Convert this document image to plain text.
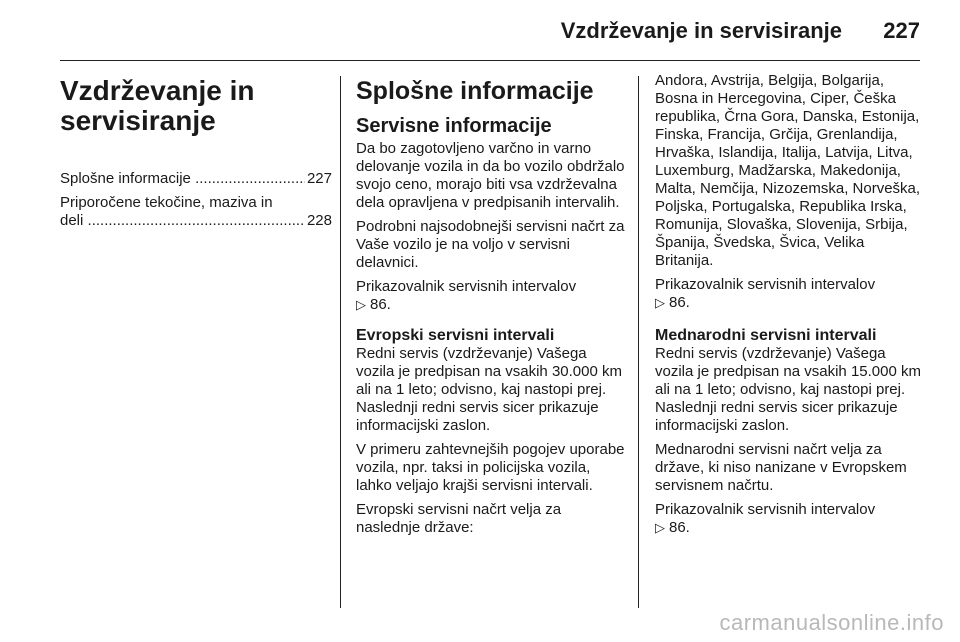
Vzdrževanje in servisiranje 227
Vzdrževanje in
servisiranje
Splošne informacije .....	227
Priporočene tekočine, maziva in
deli .....	228
Splošne informacije
Servisne informacije

Da bo zagotovljeno varčno in varno delovanje vozila in da bo vozilo obdržalo svojo ceno, morajo biti vsa vzdrževalna dela opravljena v predpisanih intervalih.

Podrobni najsodobnejši servisni načrt za Vaše vozilo je na voljo v servisni delavnici.

Prikazovalnik servisnih intervalov
▷ 86.

Evropski servisni intervali

Redni servis (vzdrževanje) Vašega vozila je predpisan na vsakih 30.000 km ali na 1 leto; odvisno, kaj nastopi prej. Naslednji redni servis sicer prikazuje informacijski zaslon.

V primeru zahtevnejših pogojev uporabe vozila, npr. taksi in policijska vozila, lahko veljajo krajši servisni intervali.

Evropski servisni načrt velja za naslednje države:

Andora, Avstrija, Belgija, Bolgarija, Bosna in Hercegovina, Ciper, Češka republika, Črna Gora, Danska, Estonija, Finska, Francija, Grčija, Grenlandija, Hrvaška, Islandija, Italija, Latvija, Litva, Luxemburg, Madžarska, Makedonija, Malta, Nemčija, Nizozemska, Norveška, Poljska, Portugalska, Republika Irska, Romunija, Slovaška, Slovenija, Srbija, Španija, Švedska, Švica, Velika Britanija.

Prikazovalnik servisnih intervalov
▷ 86.

Mednarodni servisni intervali

Redni servis (vzdrževanje) Vašega vozila je predpisan na vsakih 15.000 km ali na 1 leto; odvisno, kaj nastopi prej. Naslednji redni servis sicer prikazuje informacijski zaslon.

Mednarodni servisni načrt velja za države, ki niso nanizane v Evropskem servisnem načrtu.

Prikazovalnik servisnih intervalov
▷ 86.

carmanualsonline.info
